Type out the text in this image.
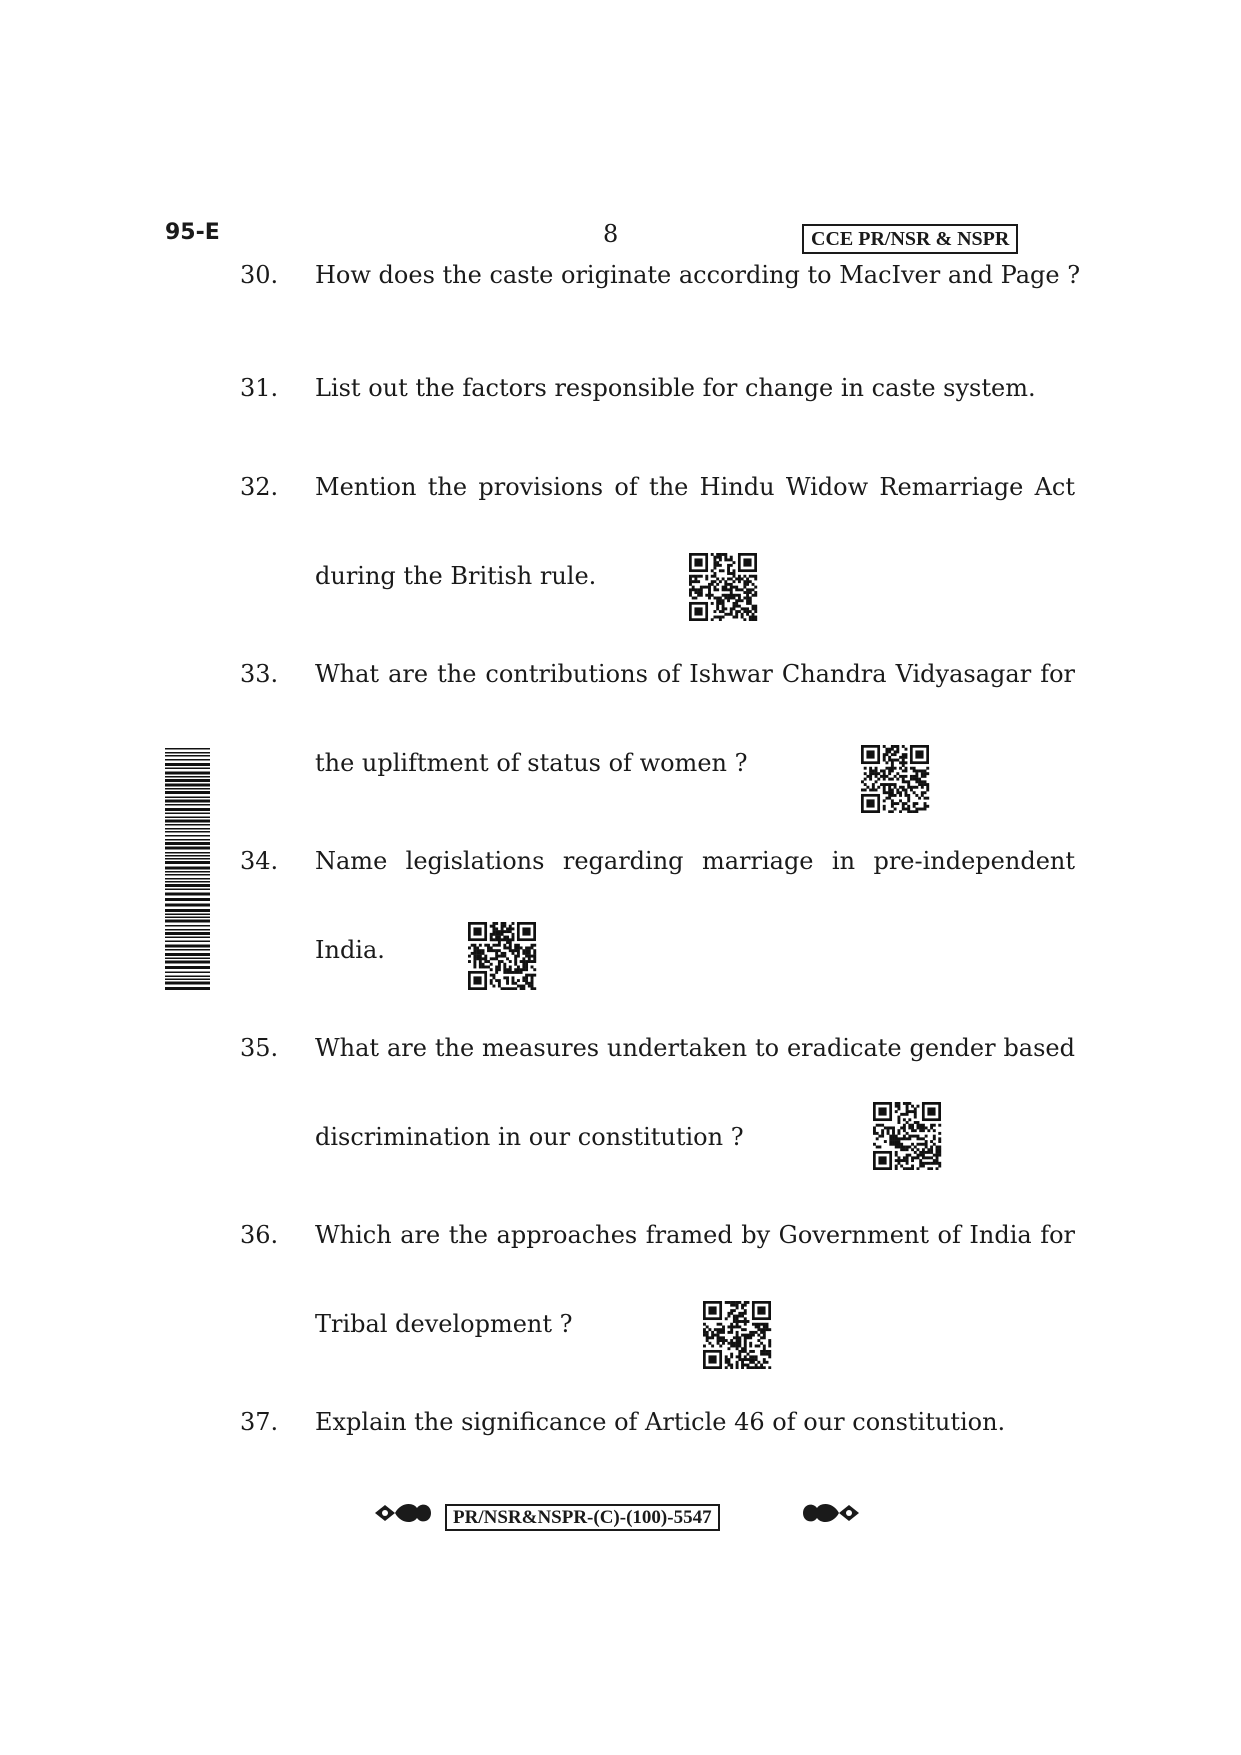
95-E	8	CCE PR/NSR & NSPR
30.	How does the caste originate according to MacIver and Page ?
31.	List out the factors responsible for change in caste system.
32.	Mention the provisions of the Hindu Widow Remarriage Act
during the British rule.
33.	What are the contributions of Ishwar Chandra Vidyasagar for
the upliftment of status of women ?
34.	Name legislations regarding marriage in pre-independent
India.
35.	What are the measures undertaken to eradicate gender based
discrimination in our constitution ?
36.	Which are the approaches framed by Government of India for
Tribal development ?
37.	Explain the significance of Article 46 of our constitution.
PR/NSR&NSPR-(C)-(100)-5547
